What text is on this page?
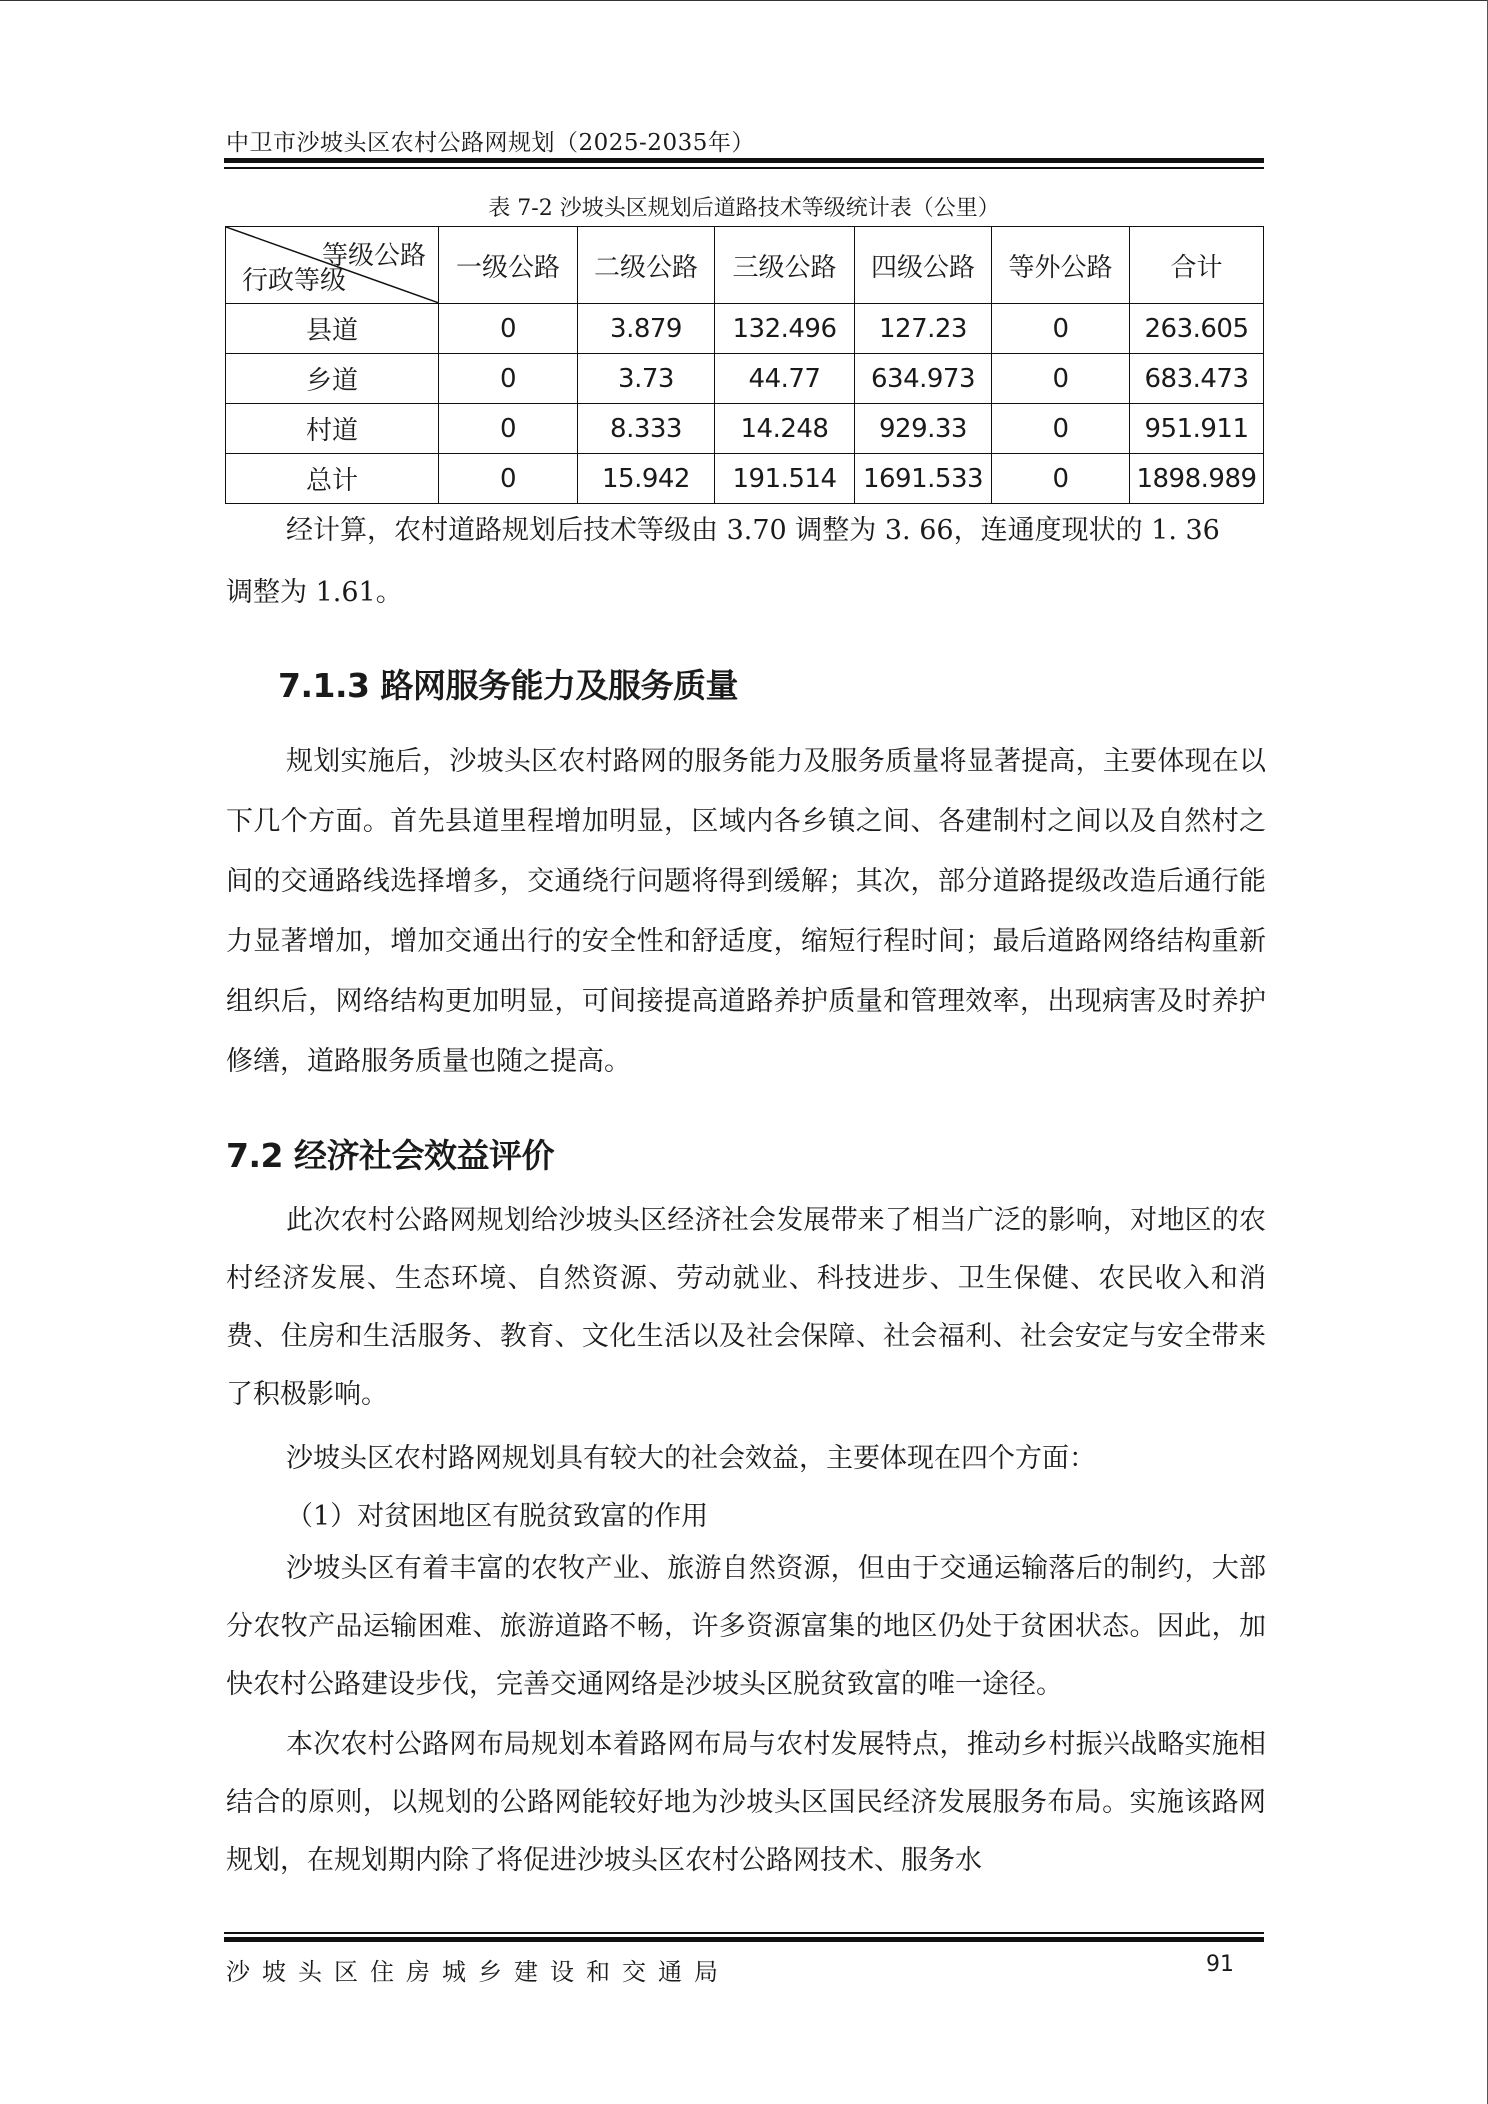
中卫市沙坡头区农村公路网规划（2025-2035年）
表 7-2 沙坡头区规划后道路技术等级统计表（公里）
等级公路
行政等级	一级公路	二级公路	三级公路	四级公路	等外公路	合计
县道	0	3.879	132.496	127.23	0	263.605
乡道	0	3.73	44.77	634.973	0	683.473
村道	0	8.333	14.248	929.33	0	951.911
总计	0	15.942	191.514	1691.533	0	1898.989
经计算，农村道路规划后技术等级由 3.70 调整为 3. 66，连通度现状的 1. 36
调整为 1.61。
7.1.3 路网服务能力及服务质量

规划实施后，沙坡头区农村路网的服务能力及服务质量将显著提高，主要体现在以下几个方面。首先县道里程增加明显，区域内各乡镇之间、各建制村之间以及自然村之间的交通路线选择增多，交通绕行问题将得到缓解；其次，部分道路提级改造后通行能力显著增加，增加交通出行的安全性和舒适度，缩短行程时间；最后道路网络结构重新组织后，网络结构更加明显，可间接提高道路养护质量和管理效率，出现病害及时养护修缮，道路服务质量也随之提高。

7.2 经济社会效益评价

此次农村公路网规划给沙坡头区经济社会发展带来了相当广泛的影响，对地区的农村经济发展、生态环境、自然资源、劳动就业、科技进步、卫生保健、农民收入和消费、住房和生活服务、教育、文化生活以及社会保障、社会福利、社会安定与安全带来了积极影响。

沙坡头区农村路网规划具有较大的社会效益，主要体现在四个方面：
（1）对贫困地区有脱贫致富的作用

沙坡头区有着丰富的农牧产业、旅游自然资源，但由于交通运输落后的制约，大部分农牧产品运输困难、旅游道路不畅，许多资源富集的地区仍处于贫困状态。因此，加快农村公路建设步伐，完善交通网络是沙坡头区脱贫致富的唯一途径。

本次农村公路网布局规划本着路网布局与农村发展特点，推动乡村振兴战略实施相结合的原则，以规划的公路网能较好地为沙坡头区国民经济发展服务布局。实施该路网规划，在规划期内除了将促进沙坡头区农村公路网技术、服务水

沙坡头区住房城乡建设和交通局	91
